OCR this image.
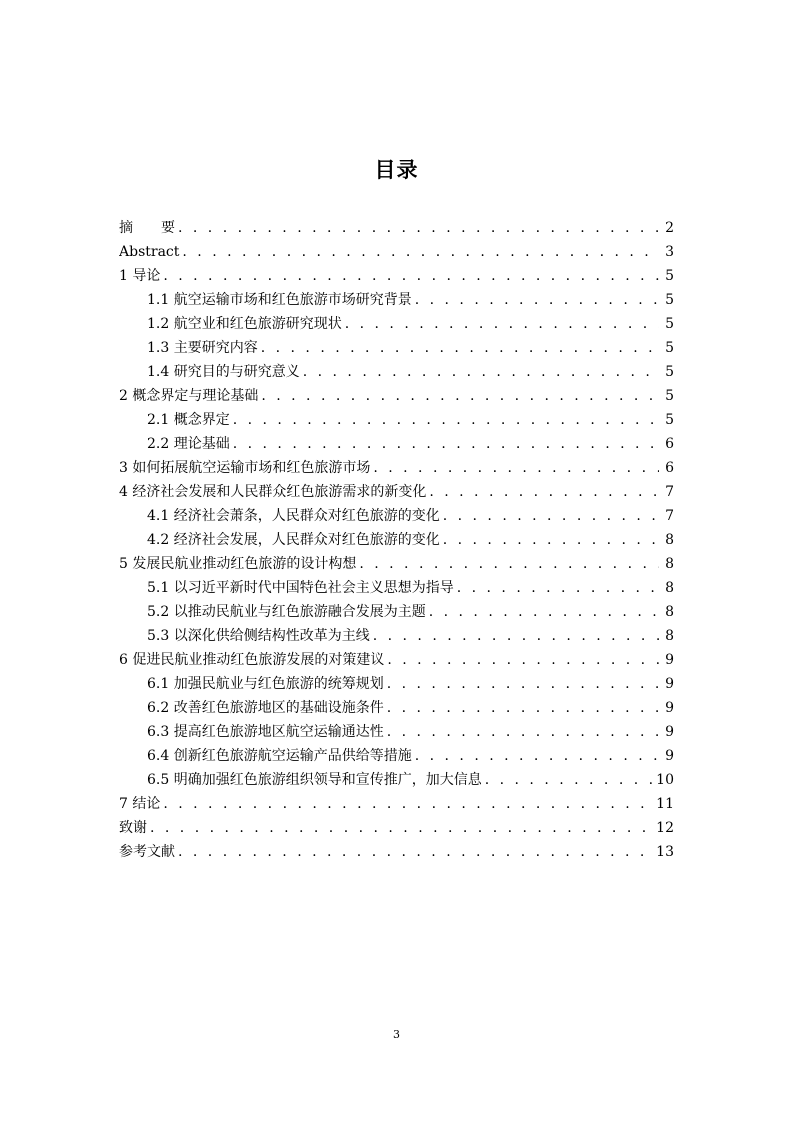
目录
摘　　要 . . .	2
Abstract . . .	3
1 导论 . . .	5
1.1 航空运输市场和红色旅游市场研究背景 . . .	5
1.2 航空业和红色旅游研究现状 . . .	5
1.3 主要研究内容 . . .	5
1.4 研究目的与研究意义 . . .	5
2 概念界定与理论基础 . . .	5
2.1 概念界定 . . .	5
2.2 理论基础 . . .	6
3 如何拓展航空运输市场和红色旅游市场 . . .	6
4 经济社会发展和人民群众红色旅游需求的新变化 . . .	7
4.1 经济社会萧条，人民群众对红色旅游的变化 . . .	7
4.2 经济社会发展，人民群众对红色旅游的变化 . . .	8
5 发展民航业推动红色旅游的设计构想 . . .	8
5.1 以习近平新时代中国特色社会主义思想为指导 . . .	8
5.2 以推动民航业与红色旅游融合发展为主题 . . .	8
5.3 以深化供给侧结构性改革为主线 . . .	8
6 促进民航业推动红色旅游发展的对策建议 . . .	9
6.1 加强民航业与红色旅游的统筹规划 . . .	9
6.2 改善红色旅游地区的基础设施条件 . . .	9
6.3 提高红色旅游地区航空运输通达性 . . .	9
6.4 创新红色旅游航空运输产品供给等措施 . . .	9
6.5 明确加强红色旅游组织领导和宣传推广，加大信息 . . .	10
7 结论 . . .	11
致谢 . . .	12
参考文献 . . .	13
3
